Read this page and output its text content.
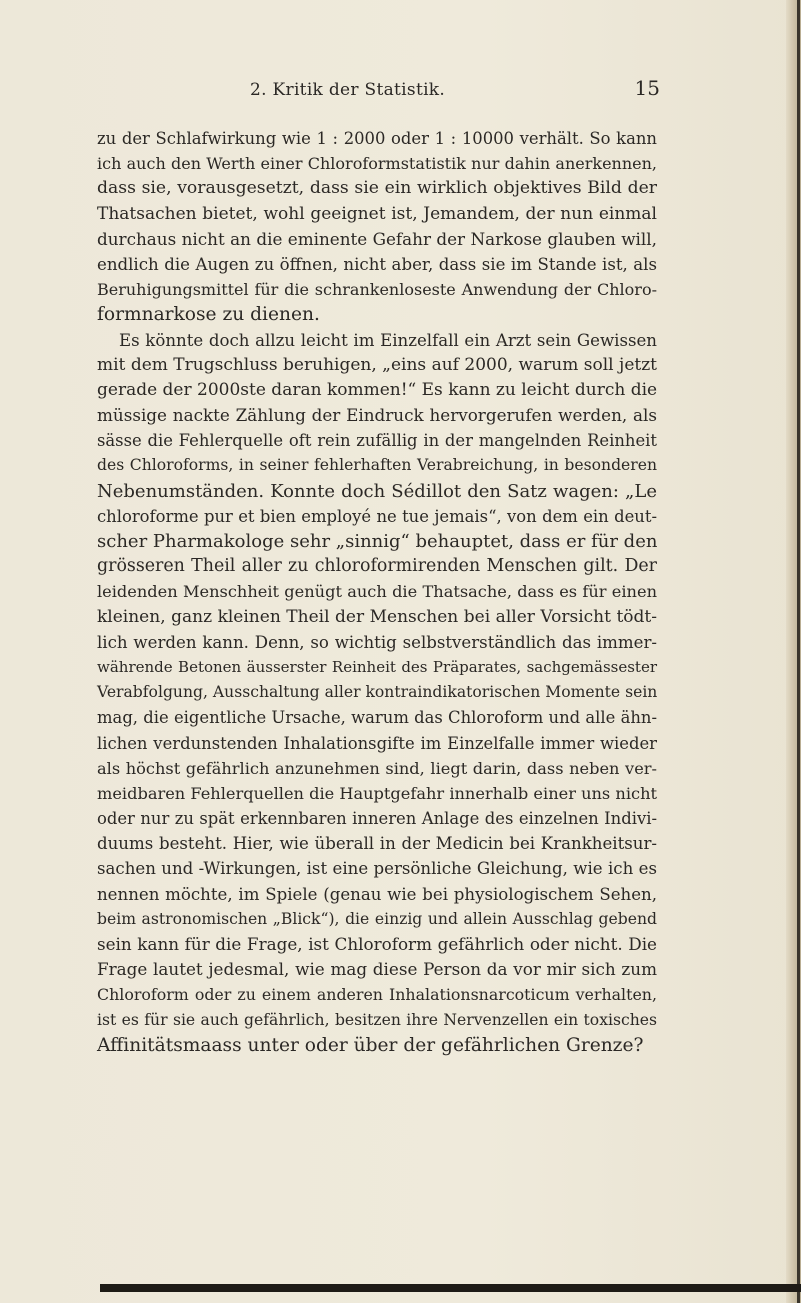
2. Kritik der Statistik.	15
zu der Schlafwirkung wie 1 : 2000 oder 1 : 10000 verhält. So kann
ich auch den Werth einer Chloroformstatistik nur dahin anerkennen,
dass sie, vorausgesetzt, dass sie ein wirklich objektives Bild der
Thatsachen bietet, wohl geeignet ist, Jemandem, der nun einmal
durchaus nicht an die eminente Gefahr der Narkose glauben will,
endlich die Augen zu öffnen, nicht aber, dass sie im Stande ist, als
Beruhigungsmittel für die schrankenloseste Anwendung der Chloro-
formnarkose zu dienen.
Es könnte doch allzu leicht im Einzelfall ein Arzt sein Gewissen
mit dem Trugschluss beruhigen, „eins auf 2000, warum soll jetzt
gerade der 2000ste daran kommen!“ Es kann zu leicht durch die
müssige nackte Zählung der Eindruck hervorgerufen werden, als
sässe die Fehlerquelle oft rein zufällig in der mangelnden Reinheit
des Chloroforms, in seiner fehlerhaften Verabreichung, in besonderen
Nebenumständen. Konnte doch Sédillot den Satz wagen: „Le
chloroforme pur et bien employé ne tue jemais“, von dem ein deut-
scher Pharmakologe sehr „sinnig“ behauptet, dass er für den
grösseren Theil aller zu chloroformirenden Menschen gilt. Der
leidenden Menschheit genügt auch die Thatsache, dass es für einen
kleinen, ganz kleinen Theil der Menschen bei aller Vorsicht tödt-
lich werden kann. Denn, so wichtig selbstverständlich das immer-
währende Betonen äusserster Reinheit des Präparates, sachgemässester
Verabfolgung, Ausschaltung aller kontraindikatorischen Momente sein
mag, die eigentliche Ursache, warum das Chloroform und alle ähn-
lichen verdunstenden Inhalationsgifte im Einzelfalle immer wieder
als höchst gefährlich anzunehmen sind, liegt darin, dass neben ver-
meidbaren Fehlerquellen die Hauptgefahr innerhalb einer uns nicht
oder nur zu spät erkennbaren inneren Anlage des einzelnen Indivi-
duums besteht. Hier, wie überall in der Medicin bei Krankheitsur-
sachen und -Wirkungen, ist eine persönliche Gleichung, wie ich es
nennen möchte, im Spiele (genau wie bei physiologischem Sehen,
beim astronomischen „Blick“), die einzig und allein Ausschlag gebend
sein kann für die Frage, ist Chloroform gefährlich oder nicht. Die
Frage lautet jedesmal, wie mag diese Person da vor mir sich zum
Chloroform oder zu einem anderen Inhalationsnarcoticum verhalten,
ist es für sie auch gefährlich, besitzen ihre Nervenzellen ein toxisches
Affinitätsmaass unter oder über der gefährlichen Grenze?
